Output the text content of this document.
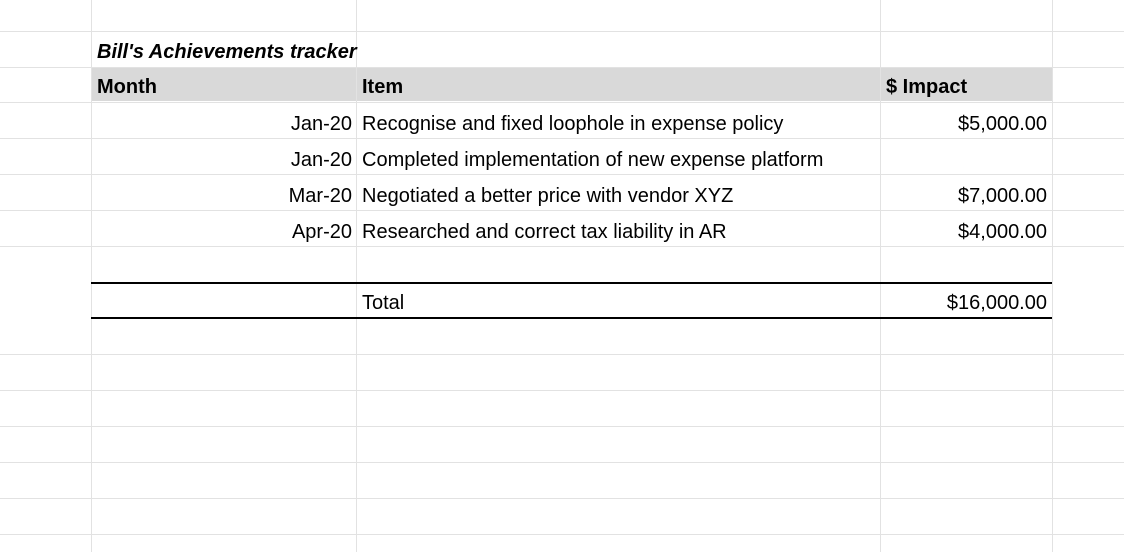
Bill's Achievements tracker
Month	Item	$ Impact
Jan-20 Recognise and fixed loophole in expense policy	$5,000.00
Jan-20 Completed implementation of new expense platform
Mar-20 Negotiated a better price with vendor XYZ	$7,000.00
Apr-20 Researched and correct tax liability in AR	$4,000.00
Total	$16,000.00
